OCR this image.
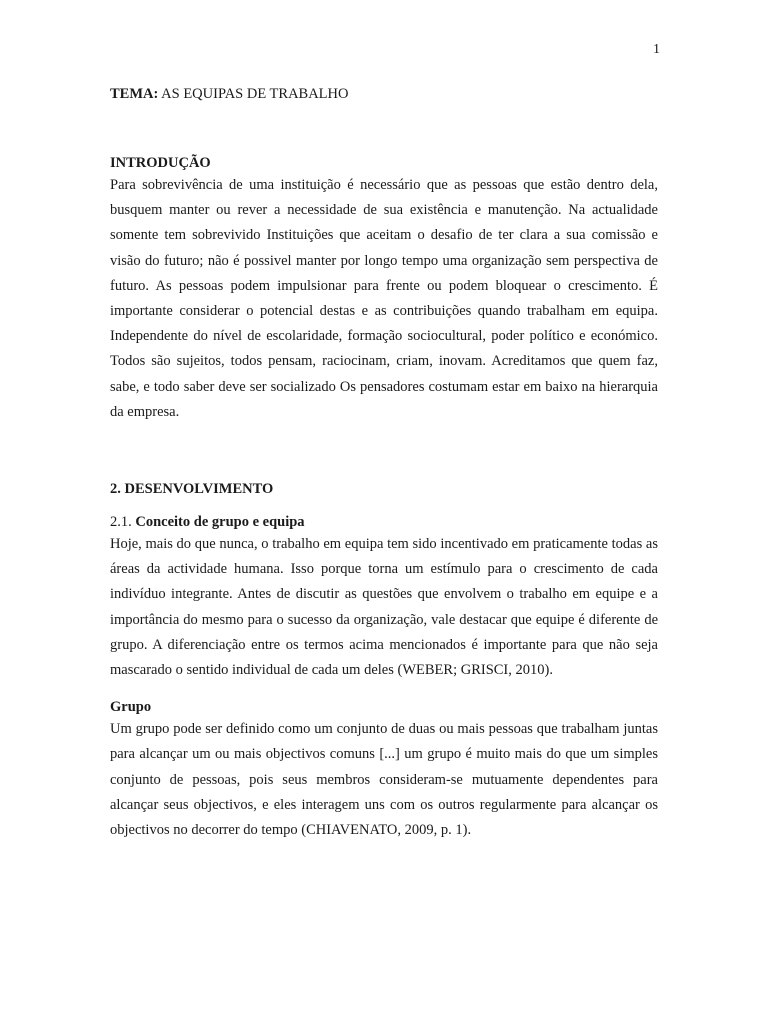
1
TEMA: AS EQUIPAS DE TRABALHO
INTRODUÇÃO

Para sobrevivência de uma instituição é necessário que as pessoas que estão dentro dela, busquem manter ou rever a necessidade de sua existência e manutenção. Na actualidade somente tem sobrevivido Instituições que aceitam o desafio de ter clara a sua comissão e visão do futuro; não é possivel manter por longo tempo uma organização sem perspectiva de futuro. As pessoas podem impulsionar para frente ou podem bloquear o crescimento. É importante considerar o potencial destas e as contribuições quando trabalham em equipa. Independente do nível de escolaridade, formação sociocultural, poder político e económico. Todos são sujeitos, todos pensam, raciocinam, criam, inovam. Acreditamos que quem faz, sabe, e todo saber deve ser socializado Os pensadores costumam estar em baixo na hierarquia da empresa.

2. DESENVOLVIMENTO
2.1. Conceito de grupo e equipa

Hoje, mais do que nunca, o trabalho em equipa tem sido incentivado em praticamente todas as áreas da actividade humana. Isso porque torna um estímulo para o crescimento de cada indivíduo integrante. Antes de discutir as questões que envolvem o trabalho em equipe e a importância do mesmo para o sucesso da organização, vale destacar que equipe é diferente de grupo. A diferenciação entre os termos acima mencionados é importante para que não seja mascarado o sentido individual de cada um deles (WEBER; GRISCI, 2010).

Grupo

Um grupo pode ser definido como um conjunto de duas ou mais pessoas que trabalham juntas para alcançar um ou mais objectivos comuns [...] um grupo é muito mais do que um simples conjunto de pessoas, pois seus membros consideram-se mutuamente dependentes para alcançar seus objectivos, e eles interagem uns com os outros regularmente para alcançar os objectivos no decorrer do tempo (CHIAVENATO, 2009, p. 1).
